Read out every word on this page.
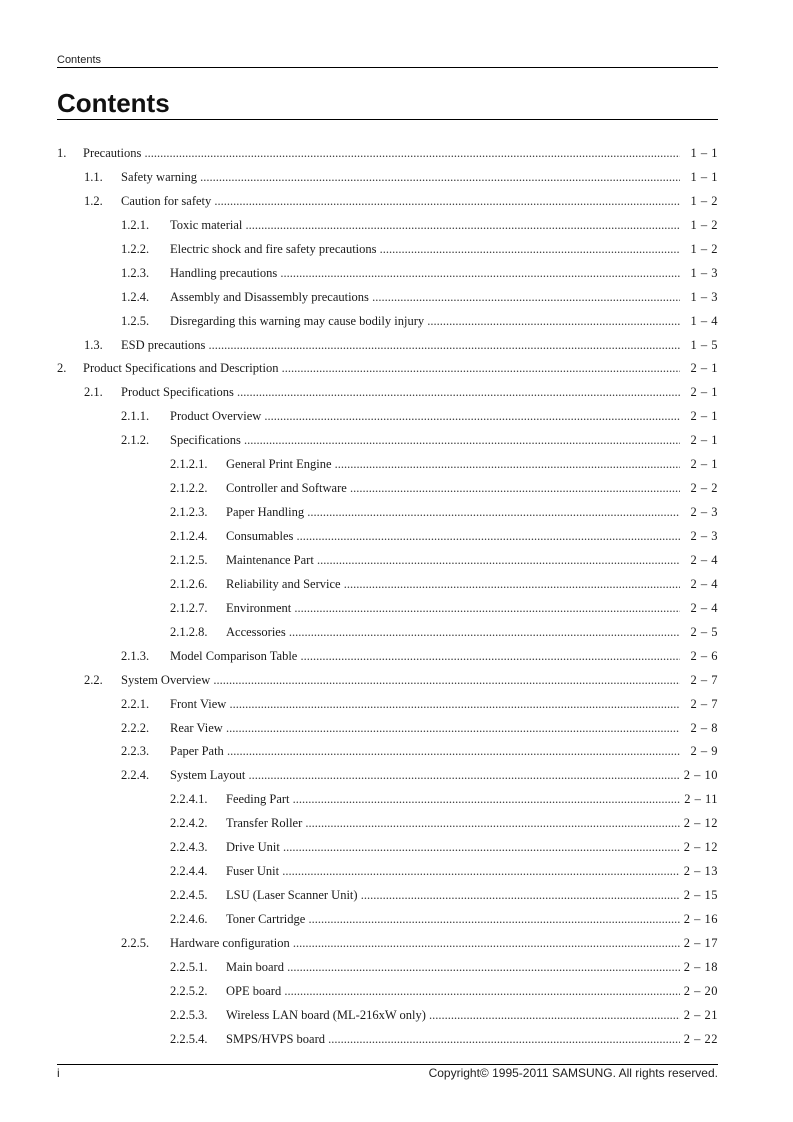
Contents
Contents
1. Precautions .....	1 – 1
1.1. Safety warning .....	1 – 1
1.2. Caution for safety .....	1 – 2
1.2.1. Toxic material .....	1 – 2
1.2.2. Electric shock and fire safety precautions .....	1 – 2
1.2.3. Handling precautions .....	1 – 3
1.2.4. Assembly and Disassembly precautions .....	1 – 3
1.2.5. Disregarding this warning may cause bodily injury .....	1 – 4
1.3. ESD precautions .....	1 – 5
2. Product Specifications and Description .....	2 – 1
2.1. Product Specifications .....	2 – 1
2.1.1. Product Overview .....	2 – 1
2.1.2. Specifications .....	2 – 1
2.1.2.1. General Print Engine .....	2 – 1
2.1.2.2. Controller and Software .....	2 – 2
2.1.2.3. Paper Handling .....	2 – 3
2.1.2.4. Consumables .....	2 – 3
2.1.2.5. Maintenance Part .....	2 – 4
2.1.2.6. Reliability and Service .....	2 – 4
2.1.2.7. Environment .....	2 – 4
2.1.2.8. Accessories .....	2 – 5
2.1.3. Model Comparison Table .....	2 – 6
2.2. System Overview .....	2 – 7
2.2.1. Front View .....	2 – 7
2.2.2. Rear View .....	2 – 8
2.2.3. Paper Path .....	2 – 9
2.2.4. System Layout .....	2 – 10
2.2.4.1. Feeding Part .....	2 – 11
2.2.4.2. Transfer Roller .....	2 – 12
2.2.4.3. Drive Unit .....	2 – 12
2.2.4.4. Fuser Unit .....	2 – 13
2.2.4.5. LSU (Laser Scanner Unit) .....	2 – 15
2.2.4.6. Toner Cartridge .....	2 – 16
2.2.5. Hardware configuration .....	2 – 17
2.2.5.1. Main board .....	2 – 18
2.2.5.2. OPE board .....	2 – 20
2.2.5.3. Wireless LAN board (ML-216xW only) .....	2 – 21
2.2.5.4. SMPS/HVPS board .....	2 – 22
i	Copyright© 1995-2011 SAMSUNG. All rights reserved.
